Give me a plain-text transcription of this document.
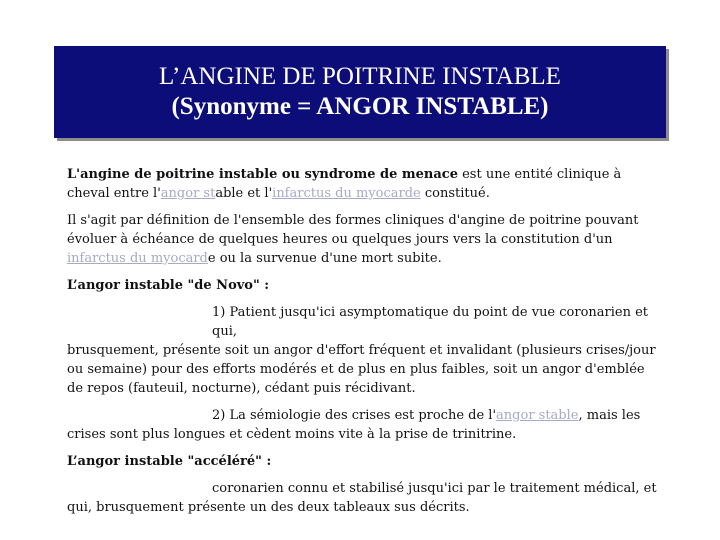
L’ANGINE DE POITRINE INSTABLE
(Synonyme = ANGOR INSTABLE)

L'angine de poitrine instable ou syndrome de menace est une entité clinique à cheval entre l'angor stable et l'infarctus du myocarde constitué.

Il s'agit par définition de l'ensemble des formes cliniques d'angine de poitrine pouvant évoluer à échéance de quelques heures ou quelques jours vers la constitution d'un infarctus du myocarde ou la survenue d'une mort subite.

L’angor instable "de Novo" :

1) Patient jusqu'ici asymptomatique du point de vue coronarien et qui, brusquement, présente soit un angor d'effort fréquent et invalidant (plusieurs crises/jour ou semaine) pour des efforts modérés et de plus en plus faibles, soit un angor d'emblée de repos (fauteuil, nocturne), cédant puis récidivant.

2) La sémiologie des crises est proche de l'angor stable, mais les crises sont plus longues et cèdent moins vite à la prise de trinitrine.

L’angor instable "accéléré" :

coronarien connu et stabilisé jusqu'ici par le traitement médical, et qui, brusquement présente un des deux tableaux sus décrits.
